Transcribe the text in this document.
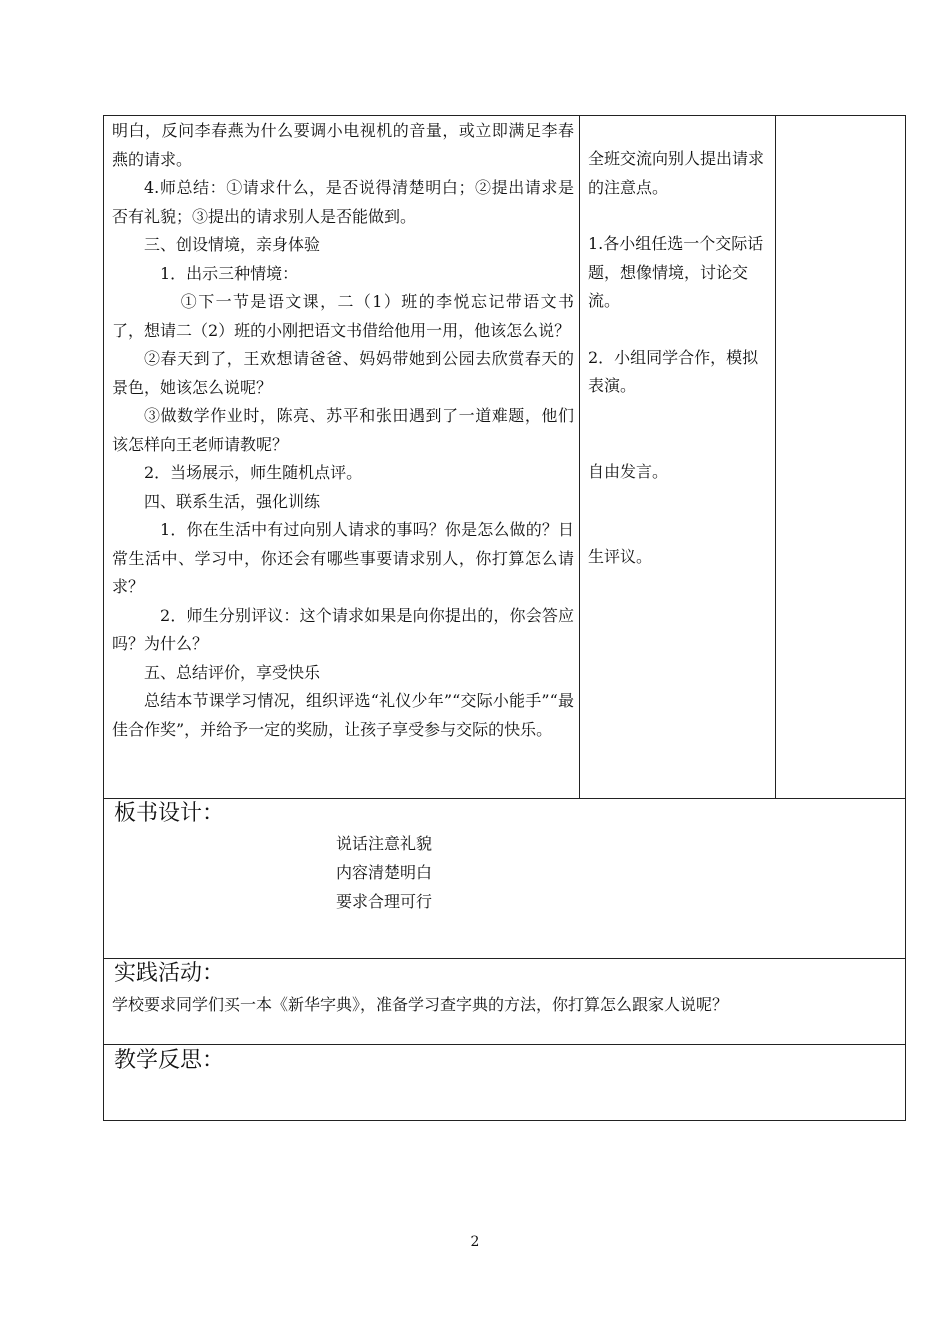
明白，反问李春燕为什么要调小电视机的音量，或立即满足李春燕的请求。

4.师总结：①请求什么，是否说得清楚明白；②提出请求是否有礼貌；③提出的请求别人是否能做到。

三、创设情境，亲身体验

1．出示三种情境：

①下一节是语文课，二（1）班的李悦忘记带语文书了，想请二（2）班的小刚把语文书借给他用一用，他该怎么说？

②春天到了，王欢想请爸爸、妈妈带她到公园去欣赏春天的景色，她该怎么说呢？

③做数学作业时，陈亮、苏平和张田遇到了一道难题，他们该怎样向王老师请教呢？

2．当场展示，师生随机点评。

四、联系生活，强化训练

1．你在生活中有过向别人请求的事吗？你是怎么做的？日常生活中、学习中，你还会有哪些事要请求别人，你打算怎么请求？

2．师生分别评议：这个请求如果是向你提出的，你会答应吗？为什么？

五、总结评价，享受快乐

总结本节课学习情况，组织评选“礼仪少年”“交际小能手”“最佳合作奖”，并给予一定的奖励，让孩子享受参与交际的快乐。

全班交流向别人提出请求的注意点。

1.各小组任选一个交际话题，想像情境，讨论交流。

2．小组同学合作，模拟表演。

自由发言。

生评议。

板书设计：
说话注意礼貌
内容清楚明白
要求合理可行
实践活动：
学校要求同学们买一本《新华字典》，准备学习查字典的方法，你打算怎么跟家人说呢？
教学反思：
2
